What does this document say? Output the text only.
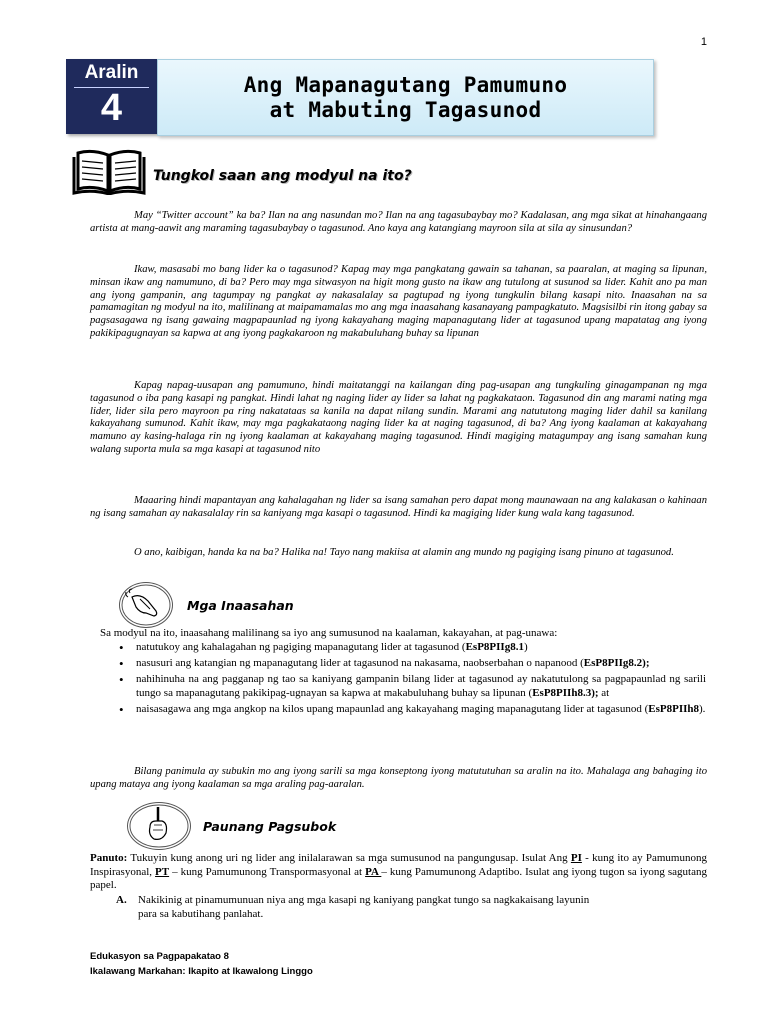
1
Aralin
4
Ang Mapanagutang Pamumuno
at Mabuting Tagasunod
Tungkol saan ang modyul na ito?
May “Twitter account” ka ba? Ilan na ang nasundan mo? Ilan na ang tagasubaybay mo? Kadalasan, ang mga sikat at hinahangaang artista at mang-aawit ang maraming tagasubaybay o tagasunod. Ano kaya ang katangiang mayroon sila at sila ay sinusundan?
Ikaw, masasabi mo bang lider ka o tagasunod? Kapag may mga pangkatang gawain sa tahanan, sa paaralan, at maging sa lipunan, minsan ikaw ang namumuno, di ba? Pero may mga sitwasyon na higit mong gusto na ikaw ang tutulong at susunod sa lider. Kahit ano pa man ang iyong gampanin, ang tagumpay ng pangkat ay nakasalalay sa pagtupad ng iyong tungkulin bilang kasapi nito. Inaasahan na sa pamamagitan ng modyul na ito, malilinang at maipamamalas mo ang mga inaasahang kasanayang pampagkatuto. Magsisilbi rin itong gabay sa pagsasagawa ng isang gawaing magpapaunlad ng iyong kakayahang maging mapanagutang lider at tagasunod upang mapatatag ang iyong pakikipagugnayan sa kapwa at ang iyong pagkakaroon ng makabuluhang buhay sa lipunan
Kapag napag-uusapan ang pamumuno, hindi maitatanggi na kailangan ding pag-usapan ang tungkuling ginagampanan ng mga tagasunod o iba pang kasapi ng pangkat. Hindi lahat ng naging lider ay lider sa lahat ng pagkakataon. Tagasunod din ang marami nating mga lider, lider sila pero mayroon pa ring nakatataas sa kanila na dapat nilang sundin. Marami ang natututong maging lider dahil sa kanilang kakayahang sumunod. Kahit ikaw, may mga pagkakataong naging lider ka at naging tagasunod, di ba? Ang iyong kaalaman at kakayahang mamuno ay kasing-halaga rin ng iyong kaalaman at kakayahang maging tagasunod. Hindi magiging matagumpay ang isang samahan kung walang suporta mula sa mga kasapi at tagasunod nito
Maaaring hindi mapantayan ang kahalagahan ng lider sa isang samahan pero dapat mong maunawaan na ang kalakasan o kahinaan ng isang samahan ay nakasalalay rin sa kaniyang mga kasapi o tagasunod. Hindi ka magiging lider kung wala kang tagasunod.
O ano, kaibigan, handa ka na ba? Halika na! Tayo nang makiisa at alamin ang mundo ng pagiging isang pinuno at tagasunod.
Mga Inaasahan
Sa modyul na ito, inaasahang malilinang sa iyo ang sumusunod na kaalaman, kakayahan, at pag-unawa:
• natutukoy ang kahalagahan ng pagiging mapanagutang lider at tagasunod (EsP8PIIg8.1)
• nasusuri ang katangian ng mapanagutang lider at tagasunod na nakasama, naobserbahan o napanood (EsP8PIIg8.2);
• nahihinuha na ang pagganap ng tao sa kaniyang gampanin bilang lider at tagasunod ay nakatutulong sa pagpapaunlad ng sarili tungo sa mapanagutang pakikipag-ugnayan sa kapwa at makabuluhang buhay sa lipunan (EsP8PIIh8.3); at
• naisasagawa ang mga angkop na kilos upang mapaunlad ang kakayahang maging mapanagutang lider at tagasunod (EsP8PIIh8).
Bilang panimula ay subukin mo ang iyong sarili sa mga konseptong iyong matututuhan sa aralin na ito. Mahalaga ang bahaging ito upang mataya ang iyong kaalaman sa mga araling pag-aaralan.
Paunang Pagsubok
Panuto: Tukuyin kung anong uri ng lider ang inilalarawan sa mga sumusunod na pangungusap. Isulat Ang PI - kung ito ay Pamumunong Inspirasyonal, PT – kung Pamumunong Transpormasyonal at PA – kung Pamumunong Adaptibo. Isulat ang iyong tugon sa iyong sagutang papel.
A. Nakikinig at pinamumunuan niya ang mga kasapi ng kaniyang pangkat tungo sa nagkakaisang layunin
para sa kabutihang panlahat.
Edukasyon sa Pagpapakatao 8
Ikalawang Markahan: Ikapito at Ikawalong Linggo
